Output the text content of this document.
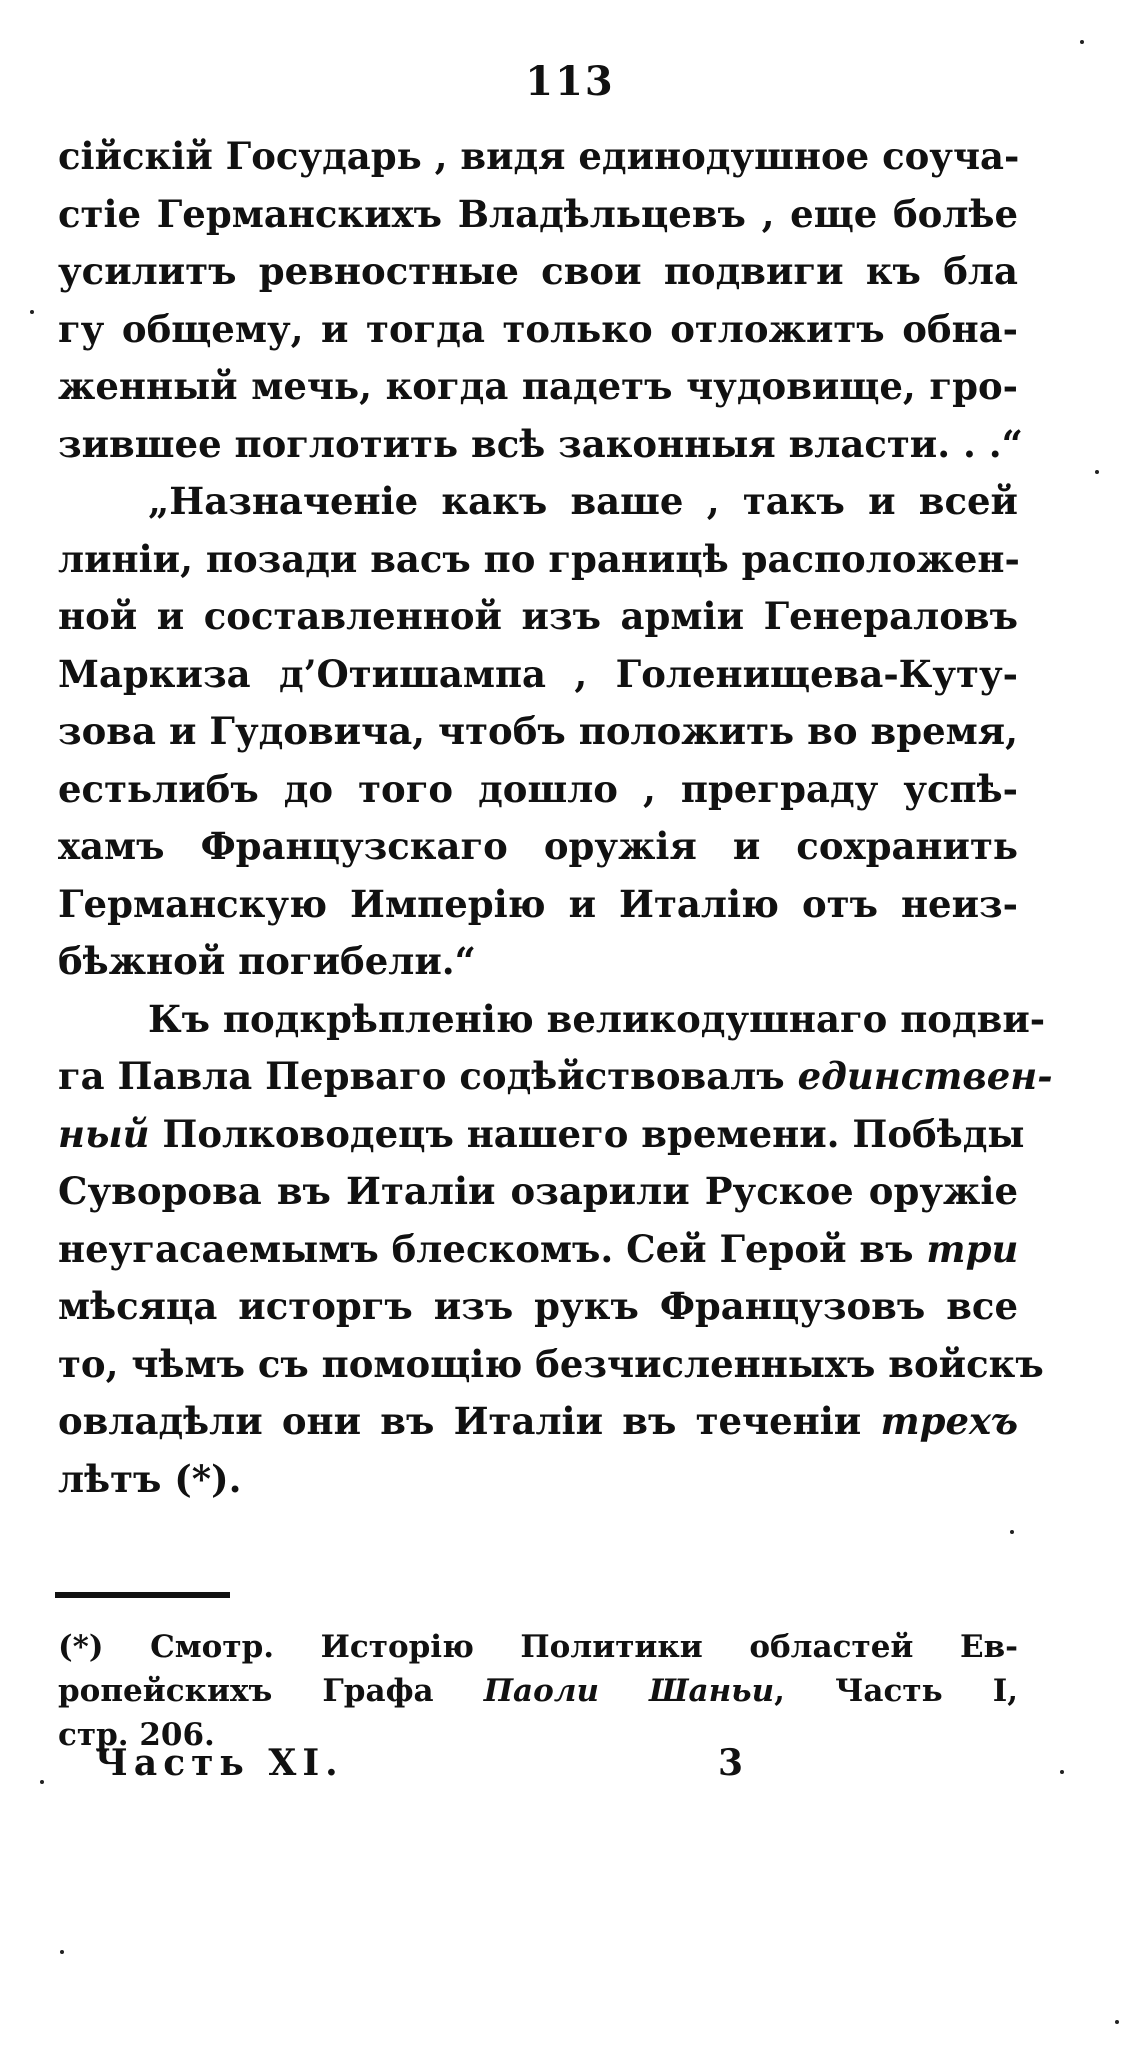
113
сійскій Государь , видя единодушное соуча-
стіе Германскихъ Владѣльцевъ , еще болѣе
усилитъ ревностные свои подвиги къ бла
гу общему, и тогда только отложитъ обна-
женный мечь, когда падетъ чудовище, гро-
зившее поглотить всѣ законныя власти. . .“
„Назначеніе какъ ваше , такъ и всей
линіи, позади васъ по границѣ расположен-
ной и составленной изъ арміи Генераловъ
Маркиза д’Отишампа , Голенищева-Куту-
зова и Гудовича, чтобъ положить во время,
естьлибъ до того дошло , преграду успѣ-
хамъ Французскаго оружія и сохранить
Германскую Имперію и Италію отъ неиз-
бѣжной погибели.“
Къ подкрѣпленію великодушнаго подви-
га Павла Перваго содѣйствовалъ единствен-
ный Полководецъ нашего времени. Побѣды
Суворова въ Италіи озарили Руское оружіе
неугасаемымъ блескомъ. Сей Герой въ три
мѣсяца исторгъ изъ рукъ Французовъ все
то, чѣмъ съ помощію безчисленныхъ войскъ
овладѣли они въ Италіи въ теченіи трехъ
лѣтъ (*).
(*) Смотр. Исторію Политики областей Ев-
ропейскихъ Графа Паоли Шаньи, Часть I,
стр. 206.
Часть XI.	3
